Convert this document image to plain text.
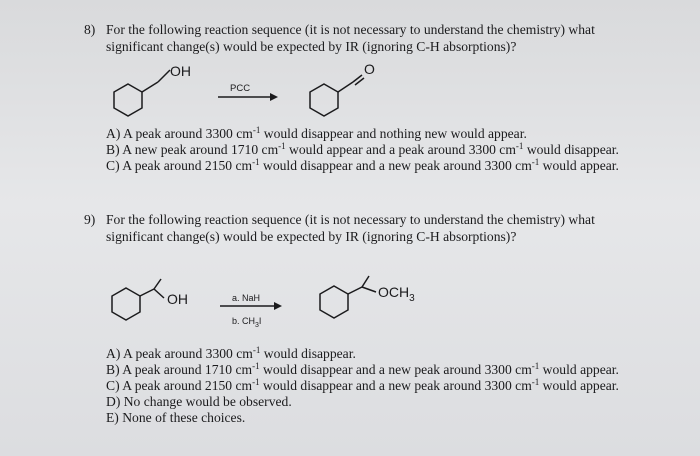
8) For the following reaction sequence (it is not necessary to understand the chemistry) what
significant change(s) would be expected by IR (ignoring C-H absorptions)?
OH
PCC
O
A) A peak around 3300 $cm^{-1}$ would disappear and nothing new would appear.
B) A new peak around 1710 $cm^{-1}$ would appear and a peak around 3300 $cm^{-1}$ would disappear.
C) A peak around 2150 $cm^{-1}$ would disappear and a new peak around 3300 $cm^{-1}$ would appear.
9) For the following reaction sequence (it is not necessary to understand the chemistry) what
significant change(s) would be expected by IR (ignoring C-H absorptions)?
OH	a. NaH
b. $CH_3I$
$OCH_3$
A) A peak around 3300 $cm^{-1}$ would disappear.
B) A peak around 1710 $cm^{-1}$ would disappear and a new peak around 3300 $cm^{-1}$ would appear.
C) A peak around 2150 $cm^{-1}$ would disappear and a new peak around 3300 $cm^{-1}$ would appear.
D) No change would be observed.
E) None of these choices.
